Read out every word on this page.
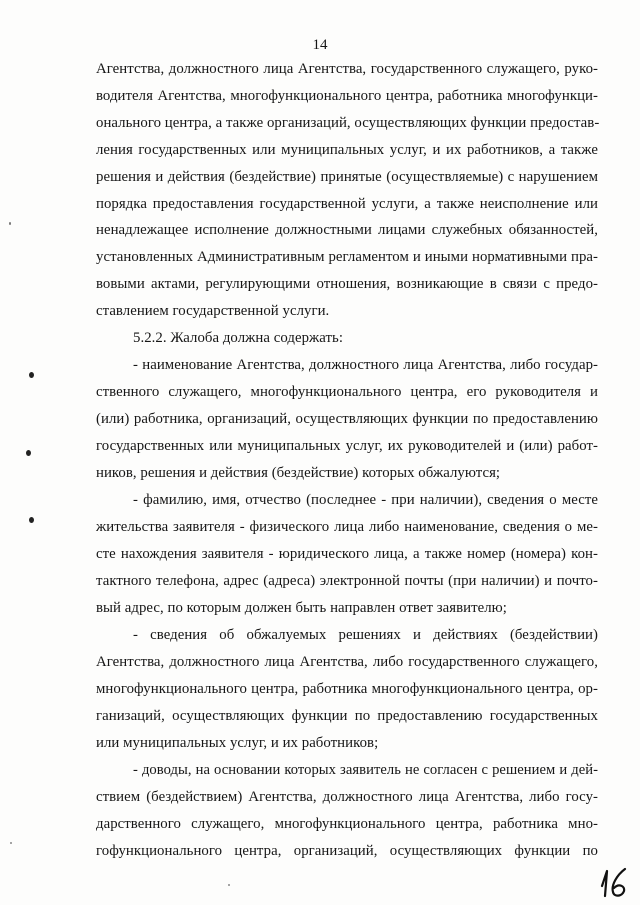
14

Агентства, должностного лица Агентства, государственного служащего, руко-

водителя Агентства, многофункционального центра, работника многофункци-

онального центра, а также организаций, осуществляющих функции предостав-

ления государственных или муниципальных услуг, и их работников, а также

решения и действия (бездействие) принятые (осуществляемые) с нарушением

порядка предоставления государственной услуги, а также неисполнение или

ненадлежащее исполнение должностными лицами служебных обязанностей,

установленных Административным регламентом и иными нормативными пра-

вовыми актами, регулирующими отношения, возникающие в связи с предо-

ставлением государственной услуги.

5.2.2. Жалоба должна содержать:

- наименование Агентства, должностного лица Агентства, либо государ-

ственного служащего, многофункционального центра, его руководителя и

(или) работника, организаций, осуществляющих функции по предоставлению

государственных или муниципальных услуг, их руководителей и (или) работ-

ников, решения и действия (бездействие) которых обжалуются;

- фамилию, имя, отчество (последнее - при наличии), сведения о месте

жительства заявителя - физического лица либо наименование, сведения о ме-

сте нахождения заявителя - юридического лица, а также номер (номера) кон-

тактного телефона, адрес (адреса) электронной почты (при наличии) и почто-

вый адрес, по которым должен быть направлен ответ заявителю;

- сведения об обжалуемых решениях и действиях (бездействии)

Агентства, должностного лица Агентства, либо государственного служащего,

многофункционального центра, работника многофункционального центра, ор-

ганизаций, осуществляющих функции по предоставлению государственных

или муниципальных услуг, и их работников;

- доводы, на основании которых заявитель не согласен с решением и дей-

ствием (бездействием) Агентства, должностного лица Агентства, либо госу-

дарственного служащего, многофункционального центра, работника мно-

гофункционального центра, организаций, осуществляющих функции по
